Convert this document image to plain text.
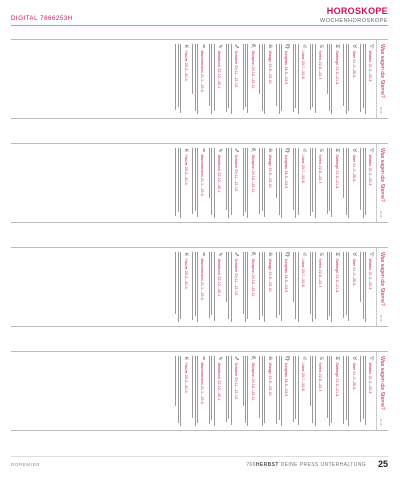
DIGITAL 7666253H
HOROSKOPE
WOCHENHOROSKOPE
Was sagen die Sterne?
18.10.
♈
Widder 21.3.–20.4.
♉
Stier 21.4.–20.5.
♊
Zwillinge 21.5.–21.6.
♋
Krebs 22.6.–22.7.
♌
Löwe 23.7.–23.8.
♍
Jungfrau 24.8.–23.9.
♎
Waage 24.9.–23.10.
♏
Skorpion 24.10.–22.11.
♐
Schütze 23.11.–21.12.
♑
Steinbock 22.12.–20.1.
♒
Wassermann 21.1.–19.2.
♓
Fische 20.2.–20.3.
Was sagen die Sterne?
19.10.
♈
Widder 21.3.–20.4.
♉
Stier 21.4.–20.5.
♊
Zwillinge 21.5.–21.6.
♋
Krebs 22.6.–22.7.
♌
Löwe 23.7.–23.8.
♍
Jungfrau 24.8.–23.9.
♎
Waage 24.9.–23.10.
♏
Skorpion 24.10.–22.11.
♐
Schütze 23.11.–21.12.
♑
Steinbock 22.12.–20.1.
♒
Wassermann 21.1.–19.2.
♓
Fische 20.2.–20.3.
Was sagen die Sterne?
20.10.
♈
Widder 21.3.–20.4.
♉
Stier 21.4.–20.5.
♊
Zwillinge 21.5.–21.6.
♋
Krebs 22.6.–22.7.
♌
Löwe 23.7.–23.8.
♍
Jungfrau 24.8.–23.9.
♎
Waage 24.9.–23.10.
♏
Skorpion 24.10.–22.11.
♐
Schütze 23.11.–21.12.
♑
Steinbock 22.12.–20.1.
♒
Wassermann 21.1.–19.2.
♓
Fische 20.2.–20.3.
Was sagen die Sterne?
21.10.
♈
Widder 21.3.–20.4.
♉
Stier 21.4.–20.5.
♊
Zwillinge 21.5.–21.6.
♋
Krebs 22.6.–22.7.
♌
Löwe 23.7.–23.8.
♍
Jungfrau 24.8.–23.9.
♎
Waage 24.9.–23.10.
♏
Skorpion 24.10.–22.11.
♐
Schütze 23.11.–21.12.
♑
Steinbock 22.12.–20.1.
♒
Wassermann 21.1.–19.2.
♓
Fische 20.2.–20.3.
DOREMIER	766HERBST DEINE PRESS UNTERHALTUNG 25
